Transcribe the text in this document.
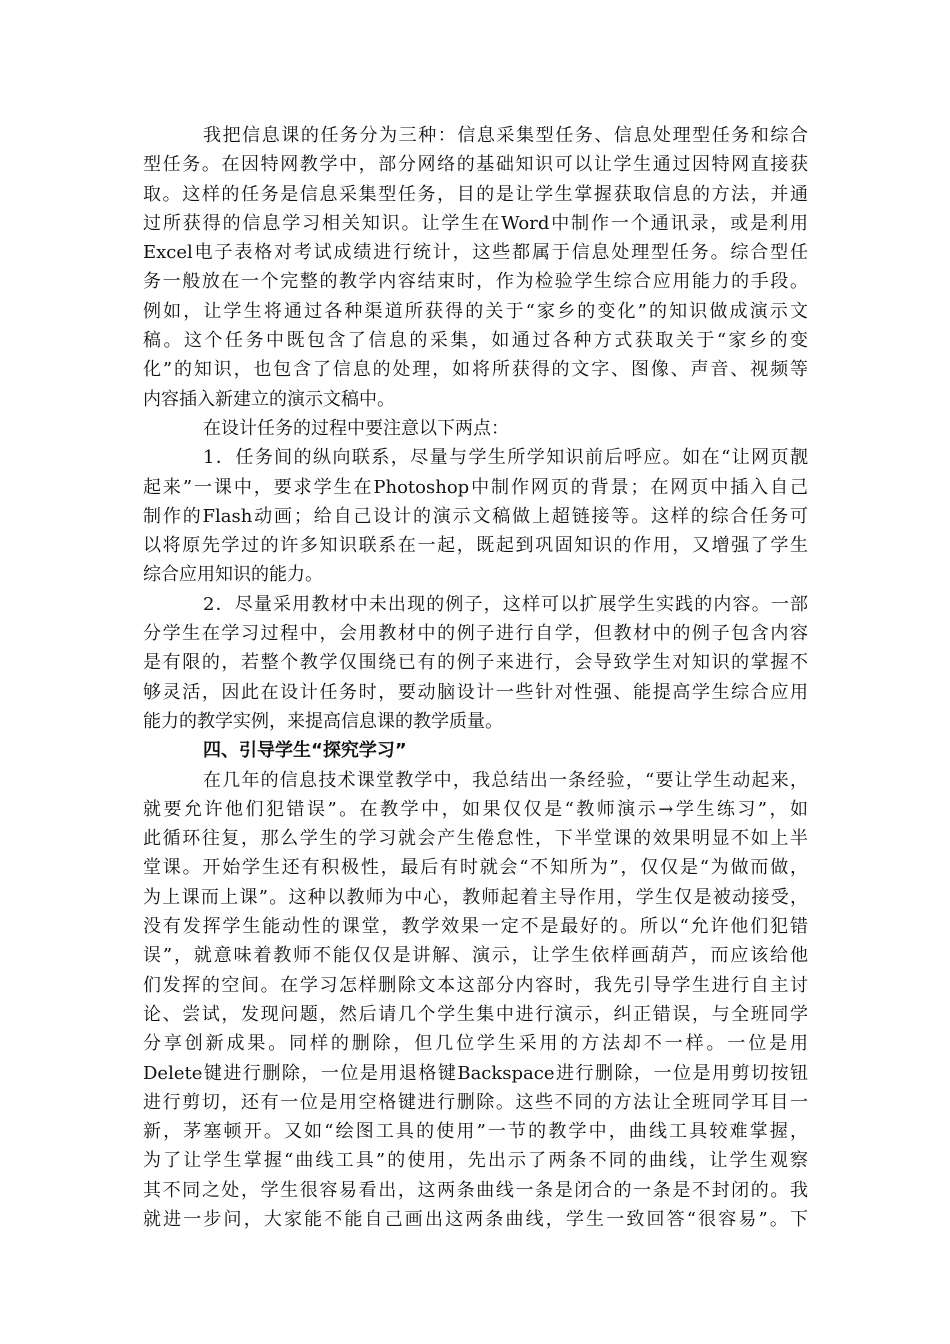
我把信息课的任务分为三种：信息采集型任务、信息处理型任务和综合
型任务。在因特网教学中，部分网络的基础知识可以让学生通过因特网直接获
取。这样的任务是信息采集型任务，目的是让学生掌握获取信息的方法，并通
过所获得的信息学习相关知识。让学生在Word中制作一个通讯录，或是利用
Excel电子表格对考试成绩进行统计，这些都属于信息处理型任务。综合型任
务一般放在一个完整的教学内容结束时，作为检验学生综合应用能力的手段。
例如，让学生将通过各种渠道所获得的关于“家乡的变化”的知识做成演示文
稿。这个任务中既包含了信息的采集，如通过各种方式获取关于“家乡的变
化”的知识，也包含了信息的处理，如将所获得的文字、图像、声音、视频等
内容插入新建立的演示文稿中。
在设计任务的过程中要注意以下两点：
1．任务间的纵向联系，尽量与学生所学知识前后呼应。如在“让网页靓
起来”一课中，要求学生在Photoshop中制作网页的背景；在网页中插入自己
制作的Flash动画；给自己设计的演示文稿做上超链接等。这样的综合任务可
以将原先学过的许多知识联系在一起，既起到巩固知识的作用，又增强了学生
综合应用知识的能力。
2．尽量采用教材中未出现的例子，这样可以扩展学生实践的内容。一部
分学生在学习过程中，会用教材中的例子进行自学，但教材中的例子包含内容
是有限的，若整个教学仅围绕已有的例子来进行，会导致学生对知识的掌握不
够灵活，因此在设计任务时，要动脑设计一些针对性强、能提高学生综合应用
能力的教学实例，来提高信息课的教学质量。
四、引导学生“探究学习”
在几年的信息技术课堂教学中，我总结出一条经验，“要让学生动起来，
就要允许他们犯错误”。在教学中，如果仅仅是“教师演示→学生练习”，如
此循环往复，那么学生的学习就会产生倦怠性，下半堂课的效果明显不如上半
堂课。开始学生还有积极性，最后有时就会“不知所为”，仅仅是“为做而做，
为上课而上课”。这种以教师为中心，教师起着主导作用，学生仅是被动接受，
没有发挥学生能动性的课堂，教学效果一定不是最好的。所以“允许他们犯错
误”，就意味着教师不能仅仅是讲解、演示，让学生依样画葫芦，而应该给他
们发挥的空间。在学习怎样删除文本这部分内容时，我先引导学生进行自主讨
论、尝试，发现问题，然后请几个学生集中进行演示，纠正错误，与全班同学
分享创新成果。同样的删除，但几位学生采用的方法却不一样。一位是用
Delete键进行删除，一位是用退格键Backspace进行删除，一位是用剪切按钮
进行剪切，还有一位是用空格键进行删除。这些不同的方法让全班同学耳目一
新，茅塞顿开。又如“绘图工具的使用”一节的教学中，曲线工具较难掌握，
为了让学生掌握“曲线工具”的使用，先出示了两条不同的曲线，让学生观察
其不同之处，学生很容易看出，这两条曲线一条是闭合的一条是不封闭的。我
就进一步问，大家能不能自己画出这两条曲线，学生一致回答“很容易”。下
